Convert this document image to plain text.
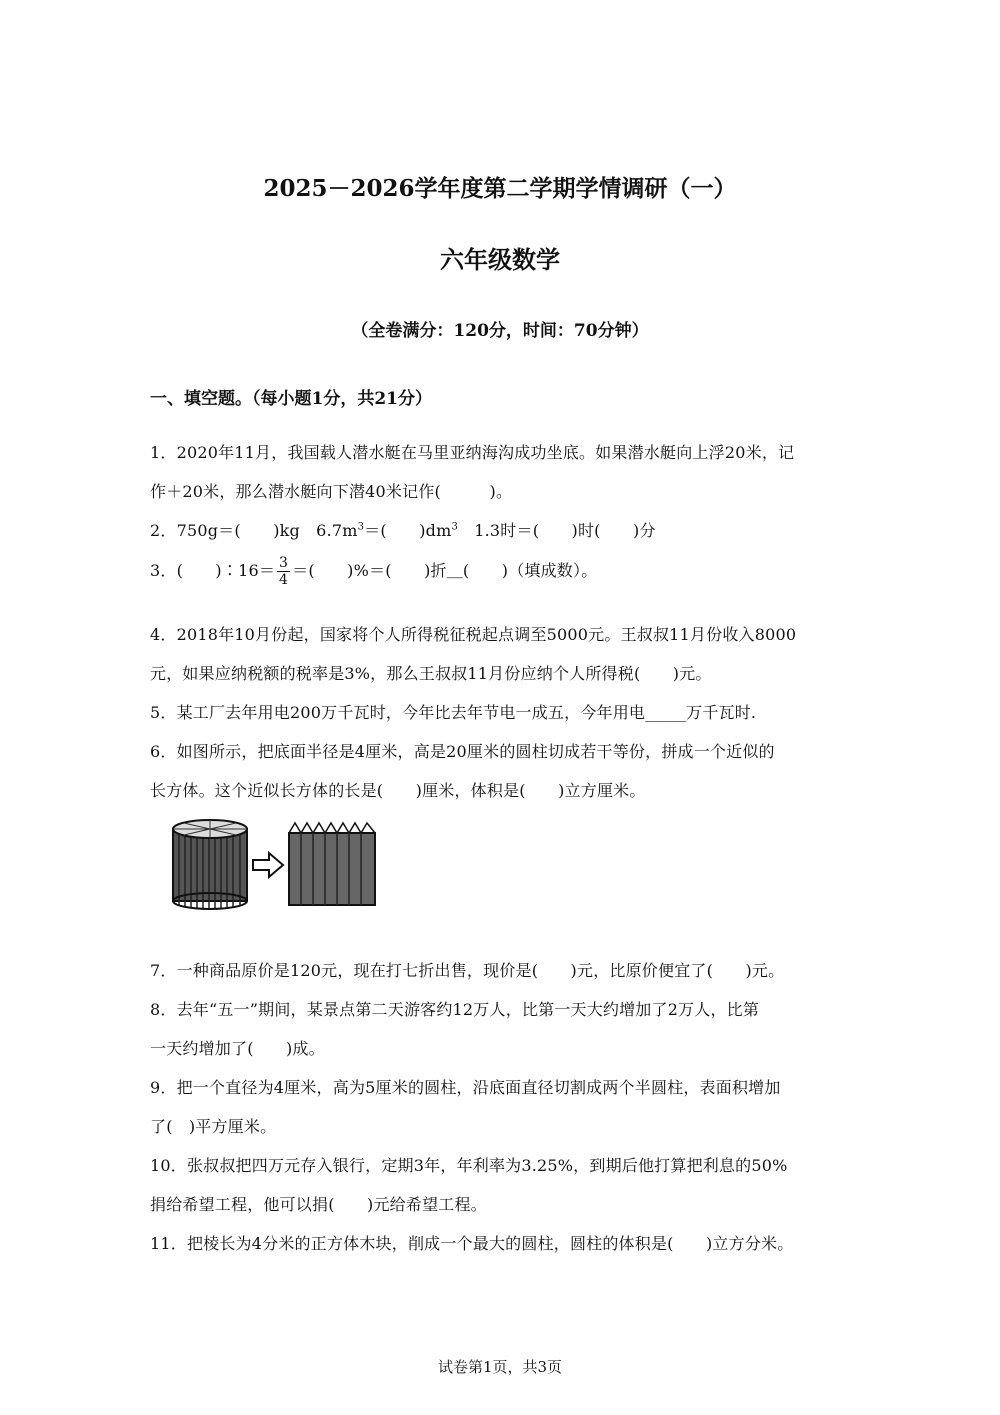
2025－2026学年度第二学期学情调研（一）
六年级数学
（全卷满分：120分，时间：70分钟）
一、填空题。（每小题1分，共21分）
1．2020年11月，我国载人潜水艇在马里亚纳海沟成功坐底。如果潜水艇向上浮20米，记
作＋20米，那么潜水艇向下潜40米记作(　　　)。
2．750g＝(　　)kg　$6.7m^3=$(　　)$dm^3$　1.3时＝(　　)时(　　)分
3．(　　)∶16＝ $\frac{3}{4}$ ＝(　　)%＝(　　)折＿(　　)（填成数）。
4．2018年10月份起，国家将个人所得税征税起点调至5000元。王叔叔11月份收入8000
元，如果应纳税额的税率是3%，那么王叔叔11月份应纳个人所得税(　　)元。
5．某工厂去年用电200万千瓦时，今年比去年节电一成五，今年用电_____万千瓦时.
6．如图所示，把底面半径是4厘米，高是20厘米的圆柱切成若干等份，拼成一个近似的
长方体。这个近似长方体的长是(　　)厘米，体积是(　　)立方厘米。
7．一种商品原价是120元，现在打七折出售，现价是(　　)元，比原价便宜了(　　)元。
8．去年“五一”期间，某景点第二天游客约12万人，比第一天大约增加了2万人，比第
一天约增加了(　　)成。
9．把一个直径为4厘米，高为5厘米的圆柱，沿底面直径切割成两个半圆柱，表面积增加
了(　)平方厘米。
10．张叔叔把四万元存入银行，定期3年，年利率为3.25%，到期后他打算把利息的50%
捐给希望工程，他可以捐(　　)元给希望工程。
11．把棱长为4分米的正方体木块，削成一个最大的圆柱，圆柱的体积是(　　)立方分米。
试卷第1页，共3页
